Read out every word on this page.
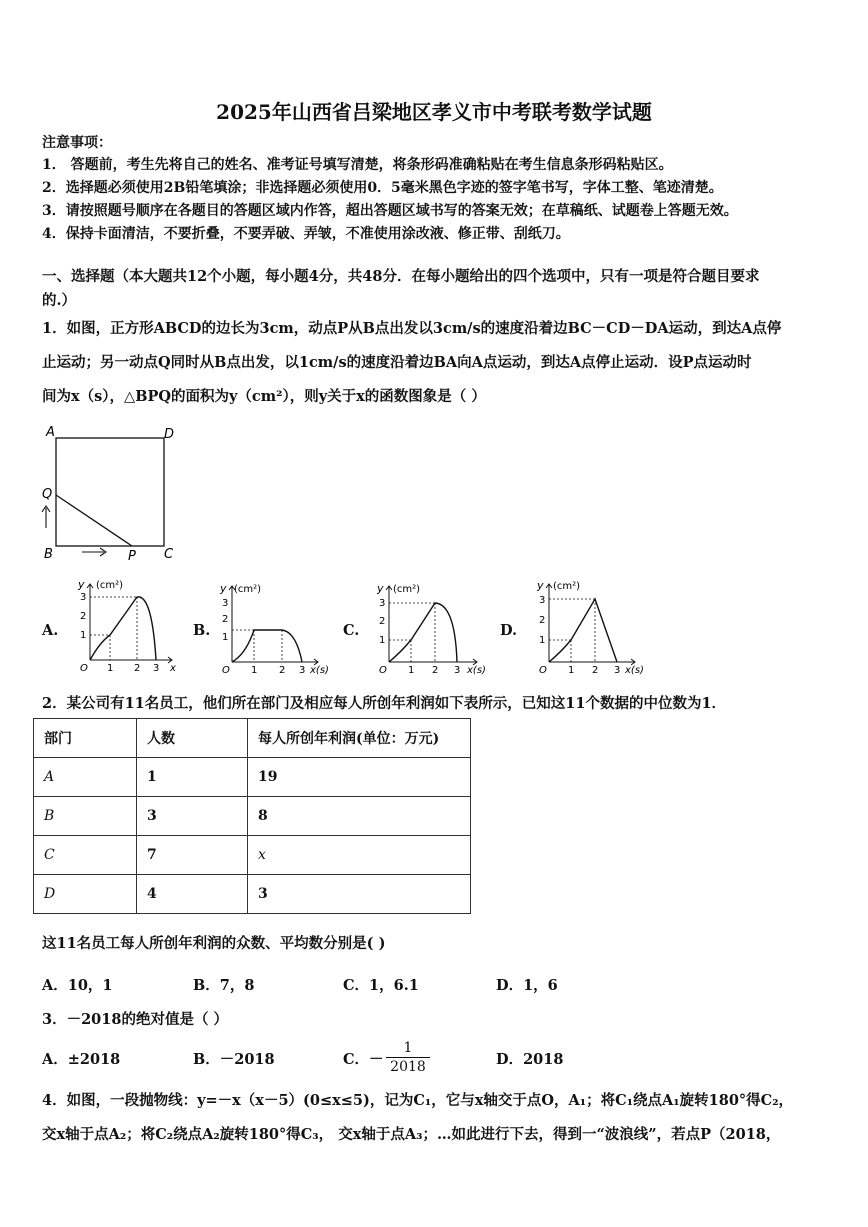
2025年山西省吕梁地区孝义市中考联考数学试题
注意事项：
1． 答题前，考生先将自己的姓名、准考证号填写清楚，将条形码准确粘贴在考生信息条形码粘贴区。
2．选择题必须使用2B铅笔填涂；非选择题必须使用0．5毫米黑色字迹的签字笔书写，字体工整、笔迹清楚。
3．请按照题号顺序在各题目的答题区域内作答，超出答题区域书写的答案无效；在草稿纸、试题卷上答题无效。
4．保持卡面清洁，不要折叠，不要弄破、弄皱，不准使用涂改液、修正带、刮纸刀。
一、选择题（本大题共12个小题，每小题4分，共48分．在每小题给出的四个选项中，只有一项是符合题目要求
的.）
1．如图，正方形ABCD的边长为3cm，动点P从B点出发以3cm/s的速度沿着边BC－CD－DA运动，到达A点停
止运动；另一动点Q同时从B点出发，以1cm/s的速度沿着边BA向A点运动，到达A点停止运动．设P点运动时
间为x（s），△BPQ的面积为y（cm²），则y关于x的函数图象是（ ）
A	D
Q
B	P C
A.	B.	C.	D.
y (cm²)
3
2
1
O 1 2 3 x
y (cm²)
3
2
1
O 1 2 3 x(s)
y (cm²)
3
2
1
O 1 2 3 x(s)
y (cm²)
3
2
1
O 1 2 3 x(s)
2．某公司有11名员工，他们所在部门及相应每人所创年利润如下表所示，已知这11个数据的中位数为1．
部门	人数	每人所创年利润(单位：万元)
A	1	19
B	3	8
C	7	x
D	4	3
这11名员工每人所创年利润的众数、平均数分别是( )
A．10，1	B．7，8	C．1，6.1	D．1，6
3．－2018的绝对值是（ ）
A．±2018	B．－2018	C．－ $\frac{1}{2018}$	D．2018
4．如图，一段抛物线：y=－x（x－5）(0≤x≤5)，记为C₁，它与x轴交于点O，A₁；将C₁绕点A₁旋转180°得C₂，
交x轴于点A₂；将C₂绕点A₂旋转180°得C₃， 交x轴于点A₃；…如此进行下去，得到一“波浪线”，若点P（2018，
